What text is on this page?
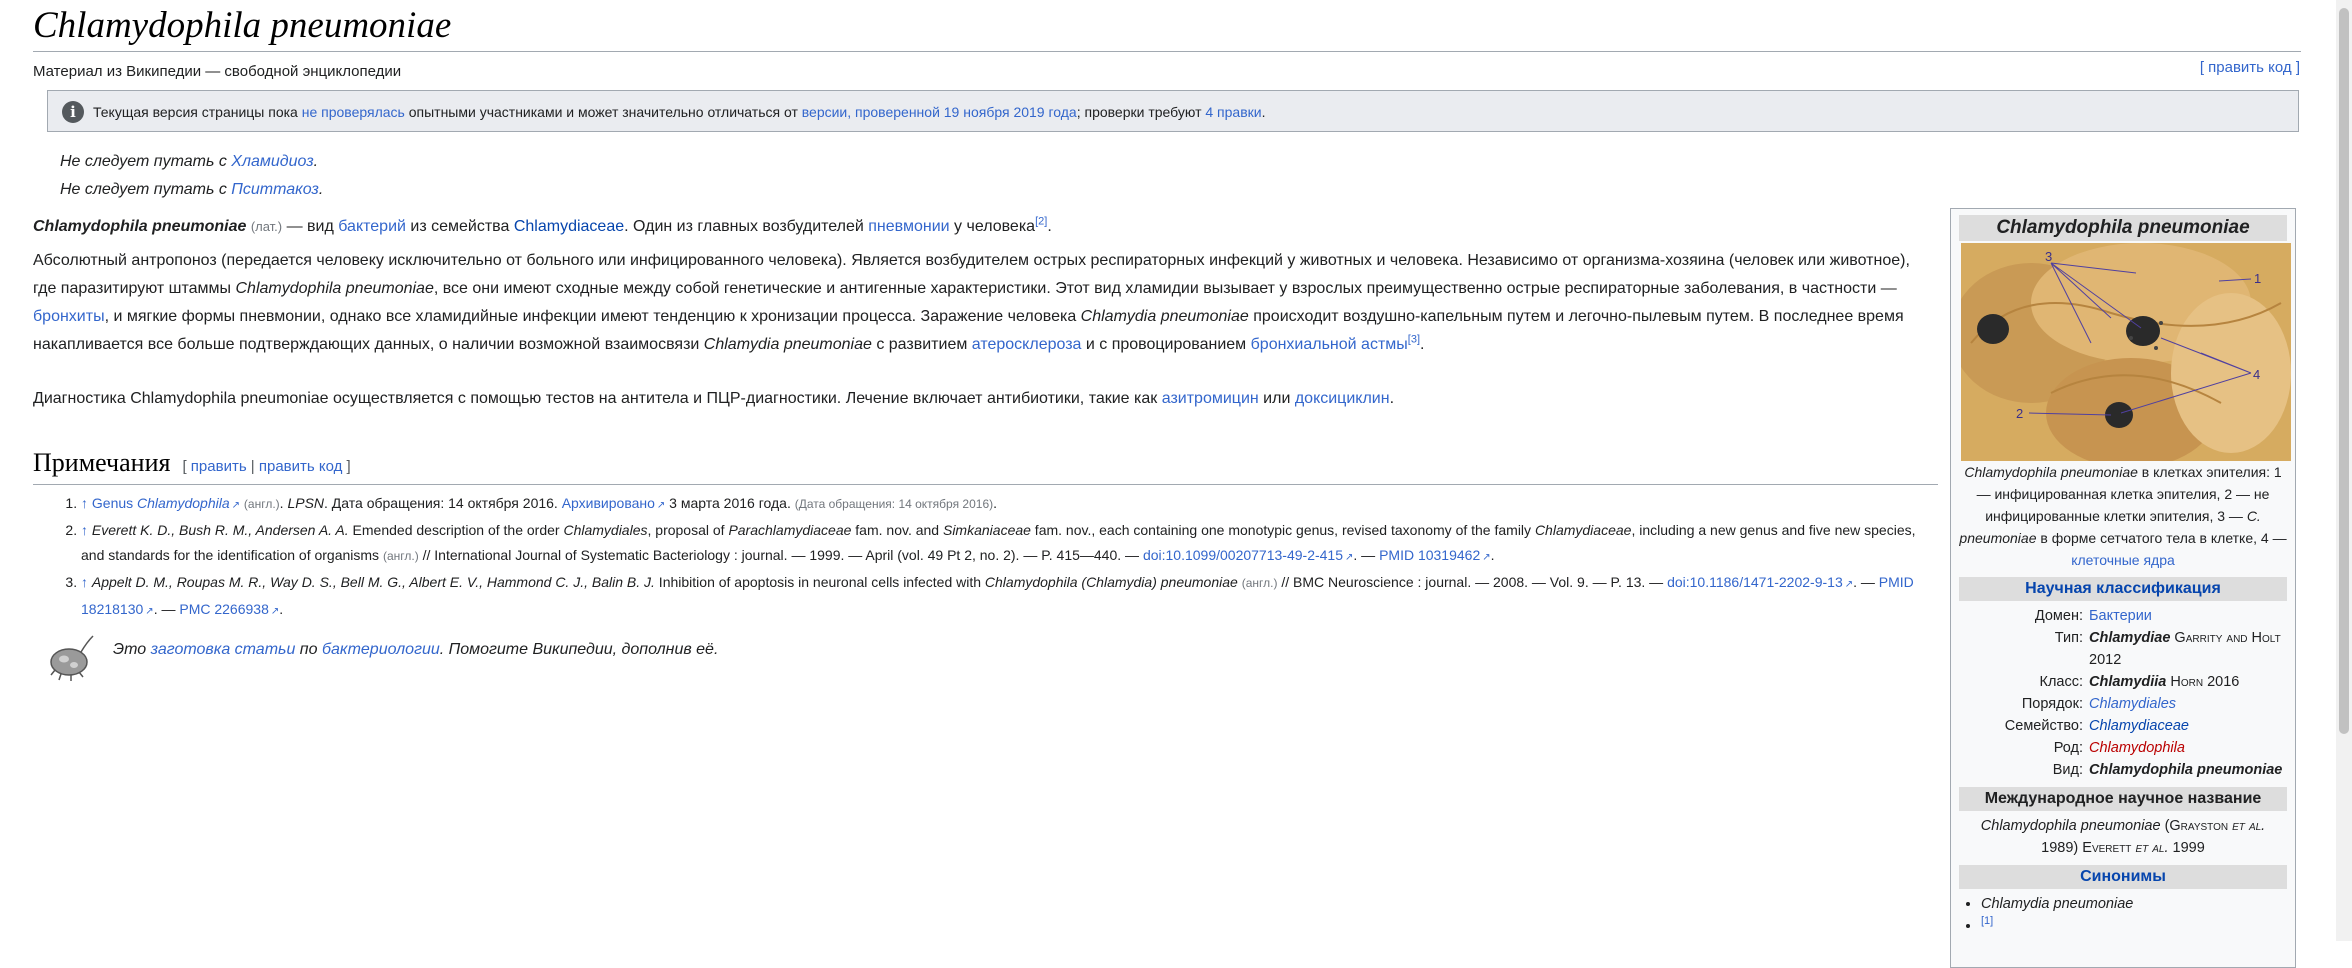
Chlamydophila pneumoniae
Материал из Википедии — свободной энциклопедии	[ править код ]
i	Текущая версия страницы пока не проверялась опытными участниками и может значительно отличаться от версии, проверенной 19 ноября 2019 года; проверки требуют 4 правки.
Не следует путать с Хламидиоз.
Не следует путать с Пситтакоз.

Chlamydophila pneumoniae (лат.) — вид бактерий из семейства Chlamydiaceae. Один из главных возбудителей пневмонии у человека[2].

Абсолютный антропоноз (передается человеку исключительно от больного или инфицированного человека). Является возбудителем острых респираторных инфекций у животных и человека. Независимо от организма-хозяина (человек или животное), где паразитируют штаммы Chlamydophila pneumoniae, все они имеют сходные между собой генетические и антигенные характеристики. Этот вид хламидии вызывает у взрослых преимущественно острые респираторные заболевания, в частности — бронхиты, и мягкие формы пневмонии, однако все хламидийные инфекции имеют тенденцию к хронизации процесса. Заражение человека Chlamydia pneumoniae происходит воздушно-капельным путем и легочно-пылевым путем. В последнее время накапливается все больше подтверждающих данных, о наличии возможной взаимосвязи Chlamydia pneumoniae с развитием атеросклероза и с провоцированием бронхиальной астмы[3].

Диагностика Chlamydophila pneumoniae осуществляется с помощью тестов на антитела и ПЦР-диагностики. Лечение включает антибиотики, такие как азитромицин или доксициклин.

Примечания [ править | править код ]
1. ↑ Genus Chlamydophila ↗ (англ.). LPSN. Дата обращения: 14 октября 2016. Архивировано ↗ 3 марта 2016 года. (Дата обращения: 14 октября 2016).
2. ↑ Everett K. D., Bush R. M., Andersen A. A. Emended description of the order Chlamydiales, proposal of Parachlamydiaceae fam. nov. and Simkaniaceae fam. nov., each containing one monotypic genus, revised taxonomy of the family Chlamydiaceae, including a new genus and five new species, and standards for the identification of organisms (англ.) // International Journal of Systematic Bacteriology : journal. — 1999. — April (vol. 49 Pt 2, no. 2). — P. 415—440. — doi:10.1099/00207713-49-2-415 ↗ . — PMID 10319462 ↗ .
3. ↑ Appelt D. M., Roupas M. R., Way D. S., Bell M. G., Albert E. V., Hammond C. J., Balin B. J. Inhibition of apoptosis in neuronal cells infected with Chlamydophila (Chlamydia) pneumoniae (англ.) // BMC Neuroscience : journal. — 2008. — Vol. 9. — P. 13. — doi:10.1186/1471-2202-9-13 ↗ . — PMID 18218130 ↗ . — PMC 2266938 ↗ .
Это заготовка статьи по бактериологии. Помогите Википедии, дополнив её.
Chlamydophila pneumoniae
1
2
3
4
Chlamydophila pneumoniae в клетках эпителия: 1 — инфицированная клетка эпителия, 2 — не инфицированные клетки эпителия, 3 — C. pneumoniae в форме сетчатого тела в клетке, 4 — клеточные ядра
Научная классификация
Домен: Бактерии
Тип: Chlamydiae Garrity and Holt 2012
Класс: Chlamydiia Horn 2016
Порядок: Chlamydiales
Семейство: Chlamydiaceae
Род: Chlamydophila
Вид: Chlamydophila pneumoniae
Международное научное название
Chlamydophila pneumoniae (Grayston et al. 1989) Everett et al. 1999
Синонимы
• Chlamydia pneumoniae
• [1]
